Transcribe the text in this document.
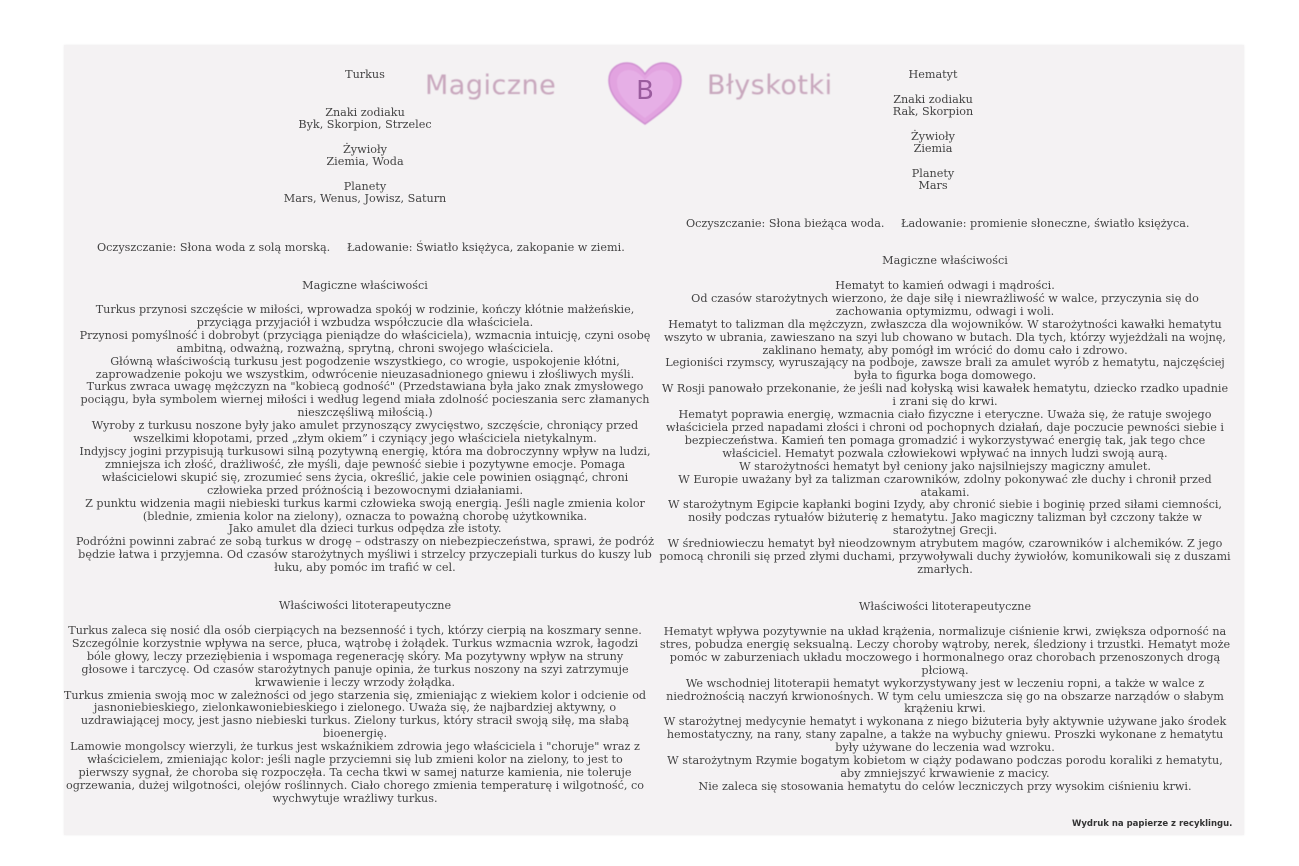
Magiczne	B	Błyskotki
Turkus
Znaki zodiaku
Byk, Skorpion, Strzelec
Żywioły
Ziemia, Woda
Planety
Mars, Wenus, Jowisz, Saturn
Oczyszczanie: Słona woda z solą morską. Ładowanie: Światło księżyca, zakopanie w ziemi.
Magiczne właściwości
Turkus przynosi szczęście w miłości, wprowadza spokój w rodzinie, kończy kłótnie małżeńskie,
przyciąga przyjaciół i wzbudza współczucie dla właściciela.
Przynosi pomyślność i dobrobyt (przyciąga pieniądze do właściciela), wzmacnia intuicję, czyni osobę
ambitną, odważną, rozważną, sprytną, chroni swojego właściciela.
Główną właściwością turkusu jest pogodzenie wszystkiego, co wrogie, uspokojenie kłótni,
zaprowadzenie pokoju we wszystkim, odwrócenie nieuzasadnionego gniewu i złośliwych myśli.
Turkus zwraca uwagę mężczyzn na "kobiecą godność" (Przedstawiana była jako znak zmysłowego
pociągu, była symbolem wiernej miłości i według legend miała zdolność pocieszania serc złamanych
nieszczęśliwą miłością.)
Wyroby z turkusu noszone były jako amulet przynoszący zwycięstwo, szczęście, chroniący przed
wszelkimi kłopotami, przed „złym okiem” i czyniący jego właściciela nietykalnym.
Indyjscy jogini przypisują turkusowi silną pozytywną energię, która ma dobroczynny wpływ na ludzi,
zmniejsza ich złość, drażliwość, złe myśli, daje pewność siebie i pozytywne emocje. Pomaga
właścicielowi skupić się, zrozumieć sens życia, określić, jakie cele powinien osiągnąć, chroni
człowieka przed próżnością i bezowocnymi działaniami.
Z punktu widzenia magii niebieski turkus karmi człowieka swoją energią. Jeśli nagle zmienia kolor
(blednie, zmienia kolor na zielony), oznacza to poważną chorobę użytkownika.
Jako amulet dla dzieci turkus odpędza złe istoty.
Podróżni powinni zabrać ze sobą turkus w drogę – odstraszy on niebezpieczeństwa, sprawi, że podróż
będzie łatwa i przyjemna. Od czasów starożytnych myśliwi i strzelcy przyczepiali turkus do kuszy lub
łuku, aby pomóc im trafić w cel.
Właściwości litoterapeutyczne
Turkus zaleca się nosić dla osób cierpiących na bezsenność i tych, którzy cierpią na koszmary senne.
Szczególnie korzystnie wpływa na serce, płuca, wątrobę i żołądek. Turkus wzmacnia wzrok, łagodzi
bóle głowy, leczy przeziębienia i wspomaga regenerację skóry. Ma pozytywny wpływ na struny
głosowe i tarczycę. Od czasów starożytnych panuje opinia, że turkus noszony na szyi zatrzymuje
krwawienie i leczy wrzody żołądka.
Turkus zmienia swoją moc w zależności od jego starzenia się, zmieniając z wiekiem kolor i odcienie od
jasnoniebieskiego, zielonkawoniebieskiego i zielonego. Uważa się, że najbardziej aktywny, o
uzdrawiającej mocy, jest jasno niebieski turkus. Zielony turkus, który stracił swoją siłę, ma słabą
bioenergię.
Lamowie mongolscy wierzyli, że turkus jest wskaźnikiem zdrowia jego właściciela i "choruje" wraz z
właścicielem, zmieniając kolor: jeśli nagle przyciemni się lub zmieni kolor na zielony, to jest to
pierwszy sygnał, że choroba się rozpoczęła. Ta cecha tkwi w samej naturze kamienia, nie toleruje
ogrzewania, dużej wilgotności, olejów roślinnych. Ciało chorego zmienia temperaturę i wilgotność, co
wychwytuje wrażliwy turkus.
Hematyt
Znaki zodiaku
Rak, Skorpion
Żywioły
Ziemia
Planety
Mars
Oczyszczanie: Słona bieżąca woda. Ładowanie: promienie słoneczne, światło księżyca.
Magiczne właściwości
Hematyt to kamień odwagi i mądrości.
Od czasów starożytnych wierzono, że daje siłę i niewrażliwość w walce, przyczynia się do
zachowania optymizmu, odwagi i woli.
Hematyt to talizman dla mężczyzn, zwłaszcza dla wojowników. W starożytności kawałki hematytu
wszyto w ubrania, zawieszano na szyi lub chowano w butach. Dla tych, którzy wyjeżdżali na wojnę,
zaklinano hematy, aby pomógł im wrócić do domu cało i zdrowo.
Legioniści rzymscy, wyruszający na podboje, zawsze brali za amulet wyrób z hematytu, najczęściej
była to figurka boga domowego.
W Rosji panowało przekonanie, że jeśli nad kołyską wisi kawałek hematytu, dziecko rzadko upadnie
i zrani się do krwi.
Hematyt poprawia energię, wzmacnia ciało fizyczne i eteryczne. Uważa się, że ratuje swojego
właściciela przed napadami złości i chroni od pochopnych działań, daje poczucie pewności siebie i
bezpieczeństwa. Kamień ten pomaga gromadzić i wykorzystywać energię tak, jak tego chce
właściciel. Hematyt pozwala człowiekowi wpływać na innych ludzi swoją aurą.
W starożytności hematyt był ceniony jako najsilniejszy magiczny amulet.
W Europie uważany był za talizman czarowników, zdolny pokonywać złe duchy i chronił przed
atakami.
W starożytnym Egipcie kapłanki bogini Izydy, aby chronić siebie i boginię przed siłami ciemności,
nosiły podczas rytuałów biżuterię z hematytu. Jako magiczny talizman był czczony także w
starożytnej Grecji.
W średniowieczu hematyt był nieodzownym atrybutem magów, czarowników i alchemików. Z jego
pomocą chronili się przed złymi duchami, przywoływali duchy żywiołów, komunikowali się z duszami
zmarłych.
Właściwości litoterapeutyczne
Hematyt wpływa pozytywnie na układ krążenia, normalizuje ciśnienie krwi, zwiększa odporność na
stres, pobudza energię seksualną. Leczy choroby wątroby, nerek, śledziony i trzustki. Hematyt może
pomóc w zaburzeniach układu moczowego i hormonalnego oraz chorobach przenoszonych drogą
płciową.
We wschodniej litoterapii hematyt wykorzystywany jest w leczeniu ropni, a także w walce z
niedrożnością naczyń krwionośnych. W tym celu umieszcza się go na obszarze narządów o słabym
krążeniu krwi.
W starożytnej medycynie hematyt i wykonana z niego biżuteria były aktywnie używane jako środek
hemostatyczny, na rany, stany zapalne, a także na wybuchy gniewu. Proszki wykonane z hematytu
były używane do leczenia wad wzroku.
W starożytnym Rzymie bogatym kobietom w ciąży podawano podczas porodu koraliki z hematytu,
aby zmniejszyć krwawienie z macicy.
Nie zaleca się stosowania hematytu do celów leczniczych przy wysokim ciśnieniu krwi.
Wydruk na papierze z recyklingu.
